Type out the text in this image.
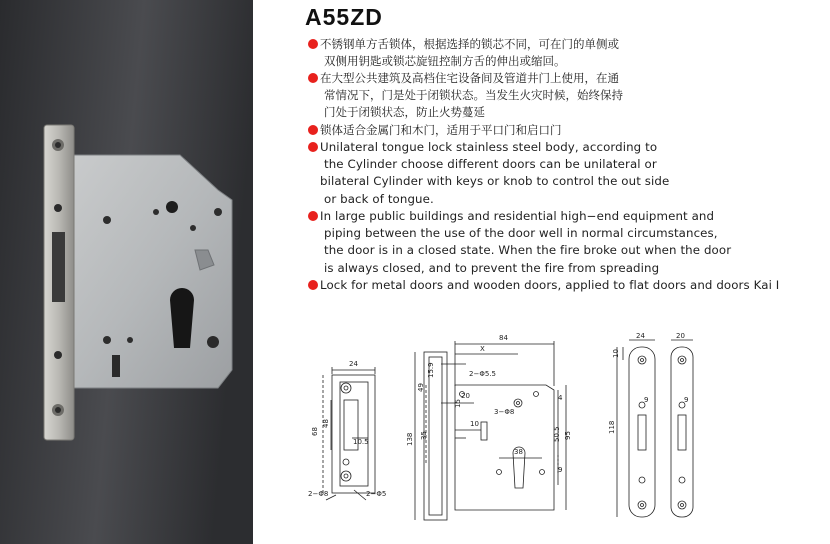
A55ZD
不锈钢单方舌锁体，根据选择的锁芯不同，可在门的单侧或
双侧用钥匙或锁芯旋钮控制方舌的伸出或缩回。
在大型公共建筑及高档住宅设备间及管道井门上使用，在通
常情况下，门是处于闭锁状态。当发生火灾时候，始终保持
门处于闭锁状态，防止火势蔓延
锁体适合金属门和木门，适用于平口门和启口门
Unilateral tongue lock stainless steel body, according to
the Cylinder choose different doors can be unilateral or
bilateral Cylinder with keys or knob to control the out side
or back of tongue.
In large public buildings and residential high−end equipment and
piping between the use of the door well in normal circumstances,
the door is in a closed state. When the fire broke out when the door
is always closed, and to prevent the fire from spreading
Lock for metal doors and wooden doors, applied to flat doors and doors Kai I
24
68
48
10.5
2−Φ8	2−Φ5
84
X
49
15.9	2−Φ5.5
20
10
15
3−Φ8
38
138 35	50.5 95
4
9
24
10
118
9
20
9
